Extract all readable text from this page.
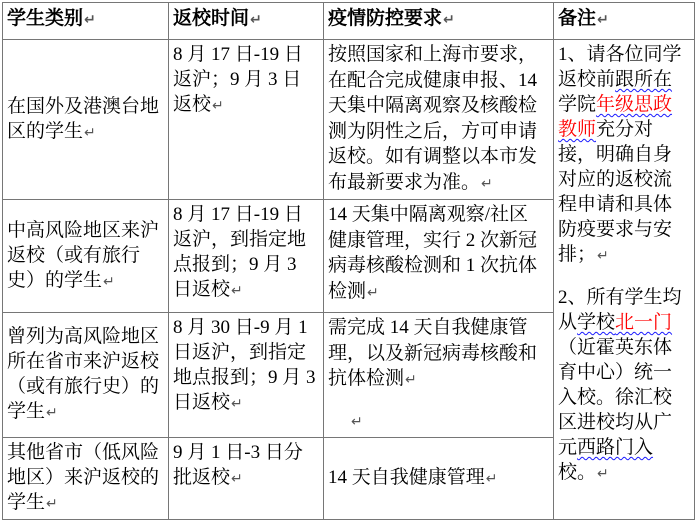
学生类别↵	返校时间↵	疫情防控要求↵	备注↵
在国外及港澳台地区的学生↵	8 月 17 日-19 日返沪；9 月 3 日返校↵	按照国家和上海市要求，在配合完成健康申报、14 天集中隔离观察及核酸检测为阴性之后，方可申请返校。如有调整以本市发布最新要求为准。↵	1、请各位同学返校前跟所在学院年级思政教师充分对接，明确自身对应的返校流程申请和具体防疫要求与安排；↵

2、所有学生均从学校北一门（近霍英东体育中心）统一入校。徐汇校区进校均从广元西路门入校。↵

中高风险地区来沪返校（或有旅行史）的学生↵	8 月 17 日-19 日返沪，到指定地点报到；9 月 3 日返校↵	14 天集中隔离观察/社区健康管理，实行 2 次新冠病毒核酸检测和 1 次抗体检测↵	
曾列为高风险地区所在省市来沪返校（或有旅行史）的学生↵	8 月 30 日-9 月 1 日返沪，到指定地点报到；9 月 3 日返校↵	需完成 14 天自我健康管理，以及新冠病毒核酸和抗体检测↵
↵	

其他省市（低风险地区）来沪返校的学生↵	9 月 1 日-3 日分批返校↵	14 天自我健康管理↵	
